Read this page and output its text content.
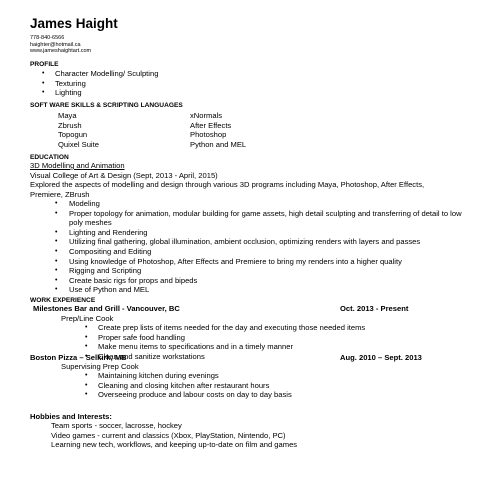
James Haight
778-840-6566
haighter@hotmail.ca
www.jameshaightart.com
PROFILE
• Character Modelling/ Sculpting
• Texturing
• Lighting
SOFT WARE SKILLS & SCRIPTING LANGUAGES
Maya	xNormals
Zbrush	After Effects
Topogun	Photoshop
Quixel Suite	Python and MEL
EDUCATION
3D Modelling and Animation
Visual College of Art & Design (Sept, 2013 - April, 2015)
Explored the aspects of modelling and design through various 3D programs including Maya, Photoshop, After Effects,
Premiere, ZBrush
• Modeling
• Proper topology for animation, modular building for game assets, high detail sculpting and transferring of detail to low poly meshes
• Lighting and Rendering
• Utilizing final gathering, global illumination, ambient occlusion, optimizing renders with layers and passes
• Compositing and Editing
• Using knowledge of Photoshop, After Effects and Premiere to bring my renders into a higher quality
• Rigging and Scripting
• Create basic rigs for props and bipeds
• Use of Python and MEL
WORK EXPERIENCE
Milestones Bar and Grill - Vancouver, BC	Oct. 2013 - Present
Prep/Line Cook
• Create prep lists of items needed for the day and executing those needed items
• Proper safe food handling
• Make menu items to specifications and in a timely manner
• Clean and sanitize workstations
Boston Pizza – Selkirk, MB	Aug. 2010 – Sept. 2013
Supervising Prep Cook
• Maintaining kitchen during evenings
• Cleaning and closing kitchen after restaurant hours
• Overseeing produce and labour costs on day to day basis
Hobbies and Interests:
Team sports - soccer, lacrosse, hockey
Video games - current and classics (Xbox, PlayStation, Nintendo, PC)
Learning new tech, workflows, and keeping up-to-date on film and games
